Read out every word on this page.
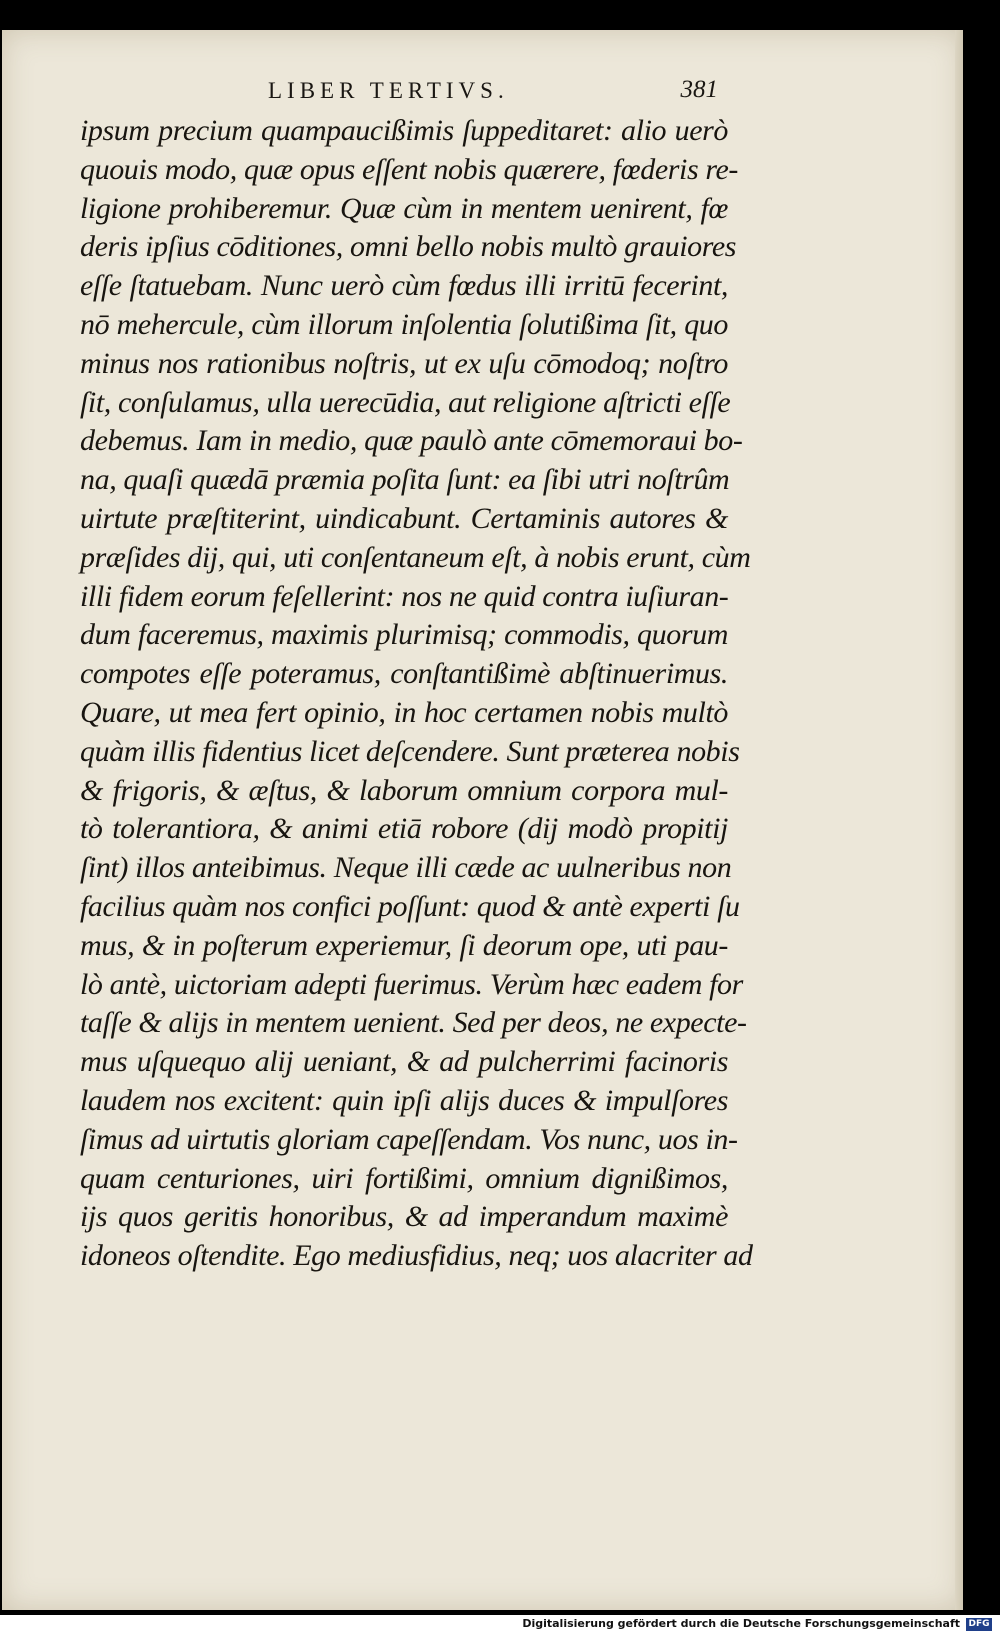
LIBER TERTIVS.	381
ipsum precium quampaucißimis ſuppeditaret: alio uerò
quouis modo, quæ opus eſſent nobis quærere, fœderis re-
ligione prohiberemur. Quæ cùm in mentem uenirent, fœ
deris ipſius cōditiones, omni bello nobis multò grauiores
eſſe ſtatuebam. Nunc uerò cùm fœdus illi irritū fecerint,
nō mehercule, cùm illorum inſolentia ſolutißima ſit, quo
minus nos rationibus noſtris, ut ex uſu cōmodoq; noſtro
ſit, conſulamus, ulla uerecūdia, aut religione aſtricti eſſe
debemus. Iam in medio, quæ paulò ante cōmemoraui bo-
na, quaſi quædā præmia poſita ſunt: ea ſibi utri noſtrûm
uirtute præſtiterint, uindicabunt. Certaminis autores &
præſides dij, qui, uti conſentaneum eſt, à nobis erunt, cùm
illi fidem eorum feſellerint: nos ne quid contra iuſiuran-
dum faceremus, maximis plurimisq; commodis, quorum
compotes eſſe poteramus, conſtantißimè abſtinuerimus.
Quare, ut mea fert opinio, in hoc certamen nobis multò
quàm illis fidentius licet deſcendere. Sunt præterea nobis
& frigoris, & æſtus, & laborum omnium corpora mul-
tò tolerantiora, & animi etiā robore (dij modò propitij
ſint) illos anteibimus. Neque illi cæde ac uulneribus non
facilius quàm nos confici poſſunt: quod & antè experti ſu
mus, & in poſterum experiemur, ſi deorum ope, uti pau-
lò antè, uictoriam adepti fuerimus. Verùm hæc eadem for
taſſe & alijs in mentem uenient. Sed per deos, ne expecte-
mus uſquequo alij ueniant, & ad pulcherrimi facinoris
laudem nos excitent: quin ipſi alijs duces & impulſores
ſimus ad uirtutis gloriam capeſſendam. Vos nunc, uos in-
quam centuriones, uiri fortißimi, omnium dignißimos,
ijs quos geritis honoribus, & ad imperandum maximè
idoneos oſtendite. Ego mediusfidius, neq; uos alacriter ad
Digitalisierung gefördert durch die Deutsche Forschungsgemeinschaft DFG
